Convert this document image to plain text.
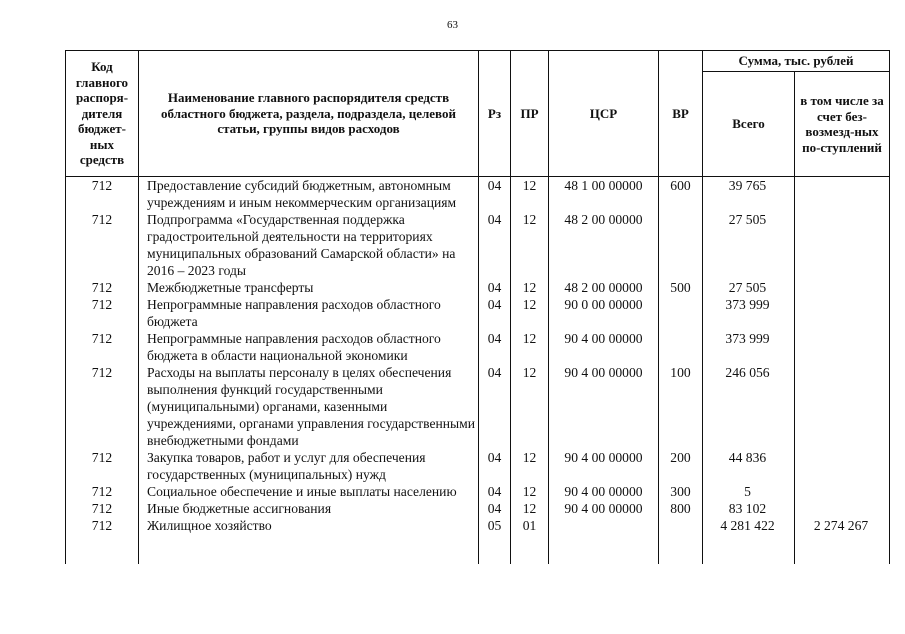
63
Код главного распоря-дителя бюджет-ных средств	Наименование главного распорядителя средств областного бюджета, раздела, подраздела, целевой статьи, группы видов расходов	Рз	ПР	ЦСР	ВР	Сумма, тыс. рублей	
						Всего	в том числе за счет без-возмезд-ных по-ступлений
712	Предоставление субсидий бюджетным, автономным учреждениям и иным некоммерческим организациям	04	12	48 1 00 00000	600	39 765	
712	Подпрограмма «Государственная поддержка градостроительной деятельности на территориях муниципальных образований Самарской области» на 2016 – 2023 годы	04	12	48 2 00 00000		27 505	
712	Межбюджетные трансферты	04	12	48 2 00 00000	500	27 505	
712	Непрограммные направления расходов областного бюджета	04	12	90 0 00 00000		373 999	
712	Непрограммные направления расходов областного бюджета в области национальной экономики	04	12	90 4 00 00000		373 999	
712	Расходы на выплаты персоналу в целях обеспечения выполнения функций государственными (муниципальными) органами, казенными учреждениями, органами управления государственными внебюджетными фондами	04	12	90 4 00 00000	100	246 056	
712	Закупка товаров, работ и услуг для обеспечения государственных (муниципальных) нужд	04	12	90 4 00 00000	200	44 836	
712	Социальное обеспечение и иные выплаты населению	04	12	90 4 00 00000	300	5	
712	Иные бюджетные ассигнования	04	12	90 4 00 00000	800	83 102	
712	Жилищное хозяйство	05	01			4 281 422	2 274 267
